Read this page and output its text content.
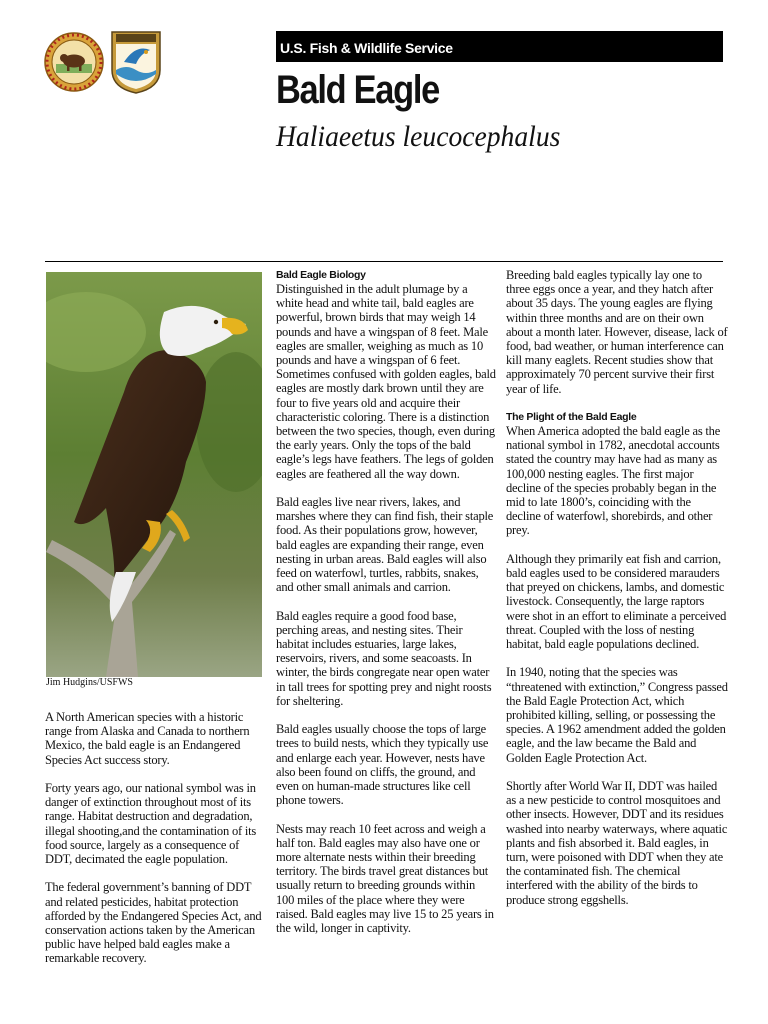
U.S. Fish & Wildlife Service
Bald Eagle
Haliaeetus leucocephalus
Jim Hudgins/USFWS

A North American species with a historic range from Alaska and Canada to northern Mexico, the bald eagle is an Endangered Species Act success story.

Forty years ago, our national symbol was in danger of extinction throughout most of its range. Habitat destruction and degradation, illegal shooting,and the contamination of its food source, largely as a consequence of DDT, decimated the eagle population.

The federal government’s banning of DDT and related pesticides, habitat protection afforded by the Endangered Species Act, and conservation actions taken by the American public have helped bald eagles make a remarkable recovery.

Bald Eagle Biology

Distinguished in the adult plumage by a white head and white tail, bald eagles are powerful, brown birds that may weigh 14 pounds and have a wingspan of 8 feet. Male eagles are smaller, weighing as much as 10 pounds and have a wingspan of 6 feet. Sometimes confused with golden eagles, bald eagles are mostly dark brown until they are four to five years old and acquire their characteristic coloring. There is a distinction between the two species, though, even during the early years. Only the tops of the bald eagle’s legs have feathers. The legs of golden eagles are feathered all the way down.

Bald eagles live near rivers, lakes, and marshes where they can find fish, their staple food. As their populations grow, however, bald eagles are expanding their range, even nesting in urban areas. Bald eagles will also feed on waterfowl, turtles, rabbits, snakes, and other small animals and carrion.

Bald eagles require a good food base, perching areas, and nesting sites. Their habitat includes estuaries, large lakes, reservoirs, rivers, and some seacoasts. In winter, the birds congregate near open water in tall trees for spotting prey and night roosts for sheltering.

Bald eagles usually choose the tops of large trees to build nests, which they typically use and enlarge each year. However, nests have also been found on cliffs, the ground, and even on human-made structures like cell phone towers.

Nests may reach 10 feet across and weigh a half ton. Bald eagles may also have one or more alternate nests within their breeding territory. The birds travel great distances but usually return to breeding grounds within 100 miles of the place where they were raised. Bald eagles may live 15 to 25 years in the wild, longer in captivity.

Breeding bald eagles typically lay one to three eggs once a year, and they hatch after about 35 days. The young eagles are flying within three months and are on their own about a month later. However, disease, lack of food, bad weather, or human interference can kill many eaglets. Recent studies show that approximately 70 percent survive their first year of life.

The Plight of the Bald Eagle

When America adopted the bald eagle as the national symbol in 1782, anecdotal accounts stated the country may have had as many as 100,000 nesting eagles. The first major decline of the species probably began in the mid to late 1800’s, coinciding with the decline of waterfowl, shorebirds, and other prey.

Although they primarily eat fish and carrion, bald eagles used to be considered marauders that preyed on chickens, lambs, and domestic livestock. Consequently, the large raptors were shot in an effort to eliminate a perceived threat. Coupled with the loss of nesting habitat, bald eagle populations declined.

In 1940, noting that the species was “threatened with extinction,” Congress passed the Bald Eagle Protection Act, which prohibited killing, selling, or possessing the species. A 1962 amendment added the golden eagle, and the law became the Bald and Golden Eagle Protection Act.

Shortly after World War II, DDT was hailed as a new pesticide to control mosquitoes and other insects. However, DDT and its residues washed into nearby waterways, where aquatic plants and fish absorbed it. Bald eagles, in turn, were poisoned with DDT when they ate the contaminated fish. The chemical interfered with the ability of the birds to produce strong eggshells.
